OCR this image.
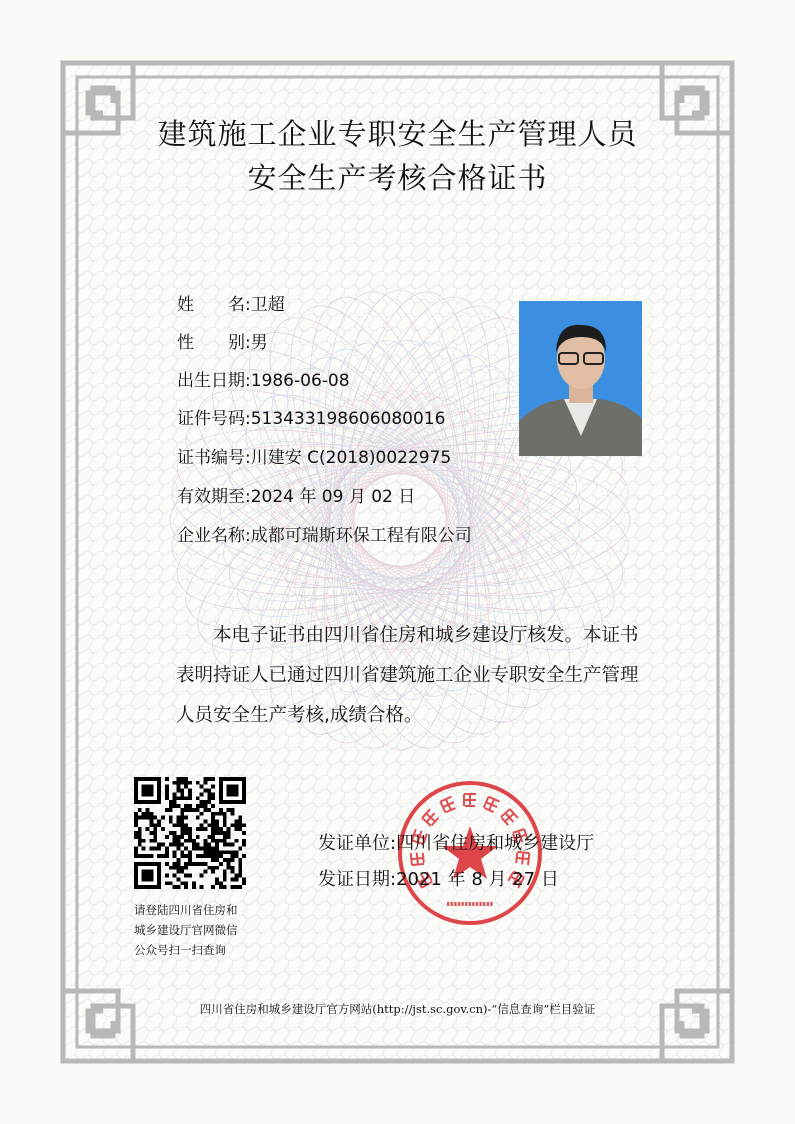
建筑施工企业专职安全生产管理人员
安全生产考核合格证书
姓　　名:卫超
性　　别:男
出生日期:1986-06-08
证件号码:513433198606080016
证书编号:川建安 C(2018)0022975
有效期至:2024 年 09 月 02 日
企业名称:成都可瑞斯环保工程有限公司
本电子证书由四川省住房和城乡建设厅核发。本证书
表明持证人已通过四川省建筑施工企业专职安全生产管理
人员安全生产考核,成绩合格。
请登陆四川省住房和
城乡建设厅官网微信
公众号扫一扫查询
发证单位:四川省住房和城乡建设厅
发证日期:2021 年 8 月 27 日
四川省住房和城乡建设厅官方网站(http://jst.sc.gov.cn)-“信息查询”栏目验证
